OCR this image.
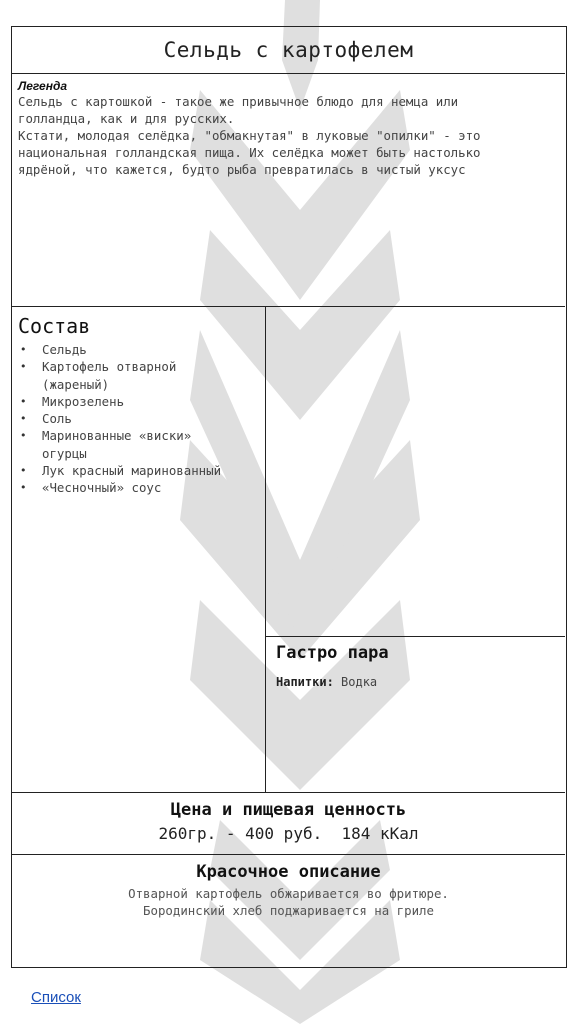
Сельдь с картофелем
Легенда

Сельдь с картошкой - такое же привычное блюдо для немца или
голландца, как и для русских.
Кстати, молодая селёдка, "обмакнутая" в луковые "опилки" - это
национальная голландская пища. Их селёдка может быть настолько
ядрёной, что кажется, будто рыба превратилась в чистый уксус

Состав
• Сельдь
• Картофель отварной
(жареный)
• Микрозелень
• Соль
• Маринованные «виски»
огурцы
• Лук красный маринованный
• «Чесночный» соус
Гастро пара
Напитки: Водка
Цена и пищевая ценность
260гр. - 400 руб.  184 кКал
Красочное описание
Отварной картофель обжаривается во фритюре.
Бородинский хлеб поджаривается на гриле
Список
